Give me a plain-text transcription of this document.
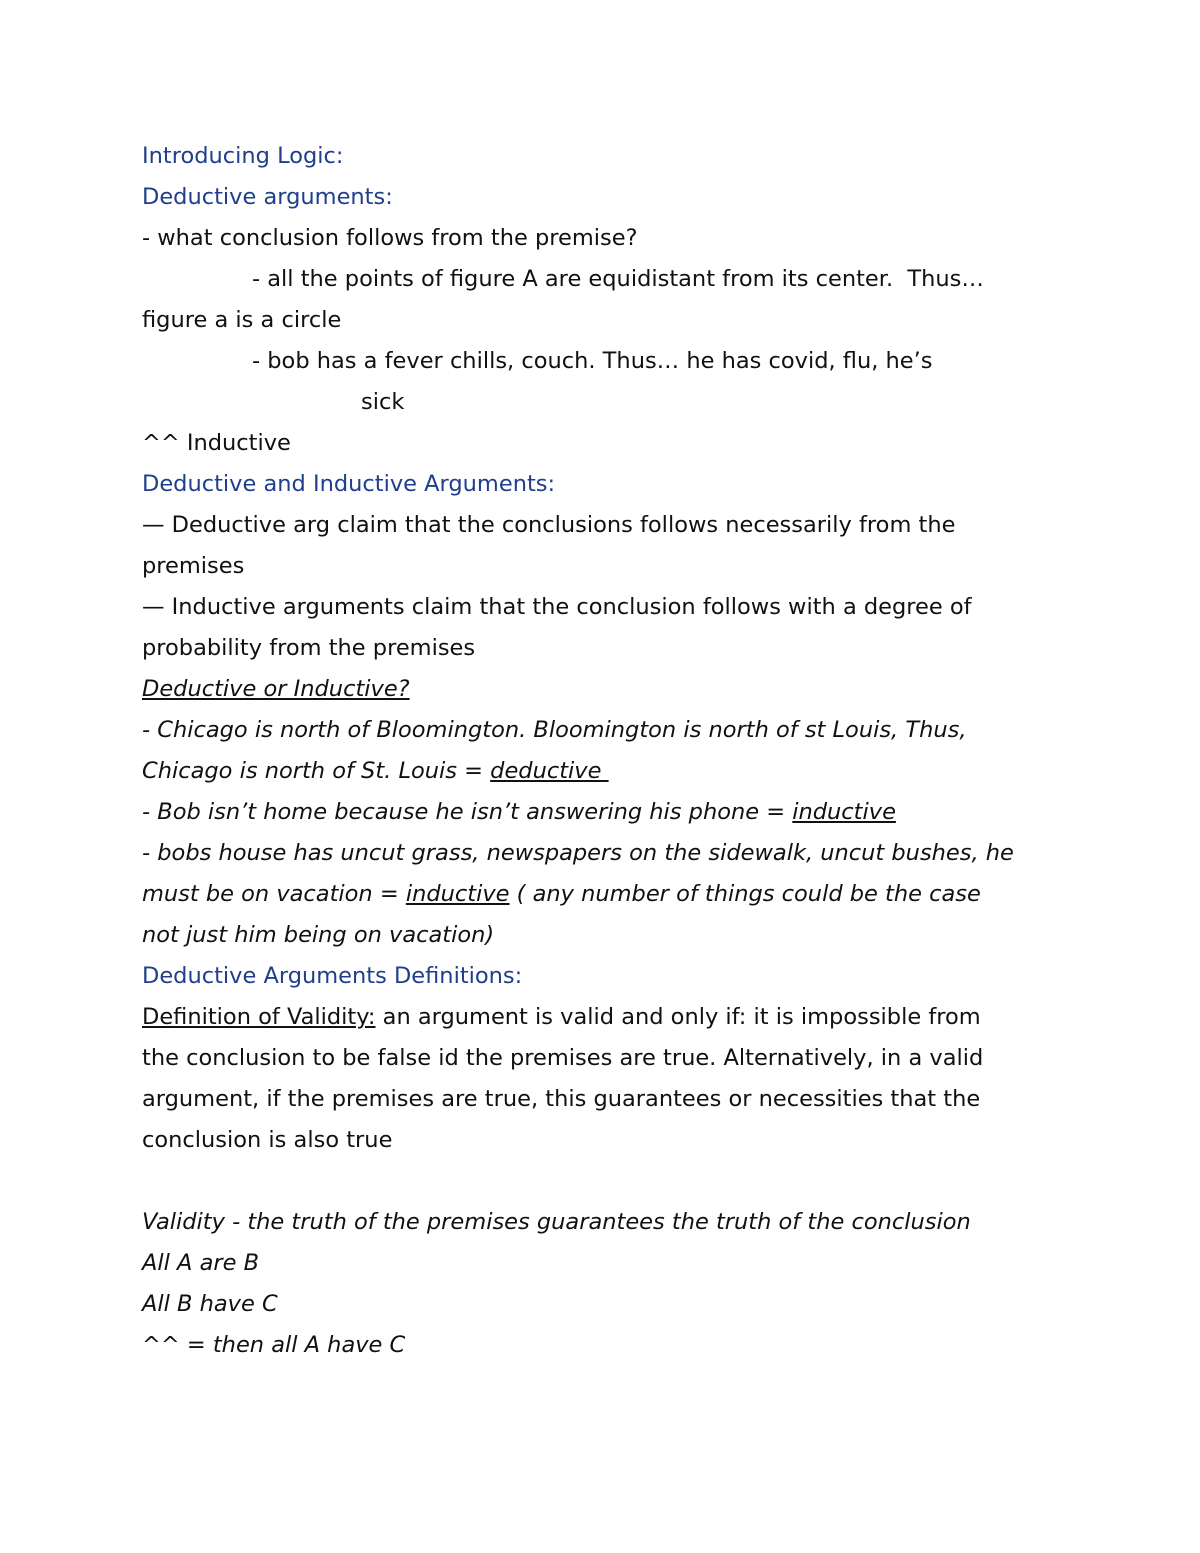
Introducing Logic:
Deductive arguments:
- what conclusion follows from the premise?
- all the points of figure A are equidistant from its center.  Thus…
figure a is a circle
- bob has a fever chills, couch. Thus… he has covid, flu, he’s
sick
^^ Inductive
Deductive and Inductive Arguments:
— Deductive arg claim that the conclusions follows necessarily from the
premises
— Inductive arguments claim that the conclusion follows with a degree of
probability from the premises
Deductive or Inductive?
- Chicago is north of Bloomington. Bloomington is north of st Louis, Thus,
Chicago is north of St. Louis = deductive
- Bob isn’t home because he isn’t answering his phone = inductive
- bobs house has uncut grass, newspapers on the sidewalk, uncut bushes, he
must be on vacation = inductive ( any number of things could be the case
not just him being on vacation)
Deductive Arguments Definitions:
Definition of Validity: an argument is valid and only if: it is impossible from
the conclusion to be false id the premises are true. Alternatively, in a valid
argument, if the premises are true, this guarantees or necessities that the
conclusion is also true
Validity - the truth of the premises guarantees the truth of the conclusion
All A are B
All B have C
^^ = then all A have C
